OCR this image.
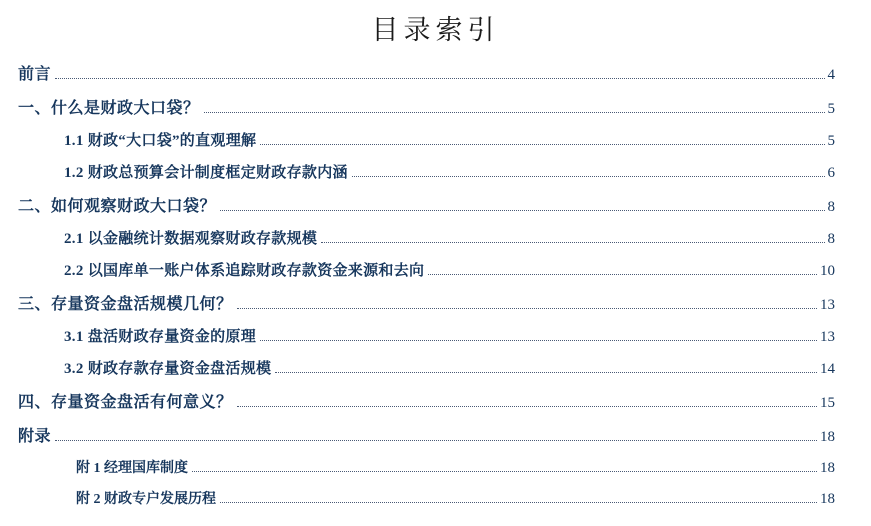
目录索引
前言	4
一、什么是财政大口袋？	5
1.1 财政“大口袋”的直观理解	5
1.2 财政总预算会计制度框定财政存款内涵	6
二、如何观察财政大口袋？	8
2.1 以金融统计数据观察财政存款规模	8
2.2 以国库单一账户体系追踪财政存款资金来源和去向	10
三、存量资金盘活规模几何？	13
3.1 盘活财政存量资金的原理	13
3.2 财政存款存量资金盘活规模	14
四、存量资金盘活有何意义？	15
附录	18
附 1 经理国库制度	18
附 2 财政专户发展历程	18
